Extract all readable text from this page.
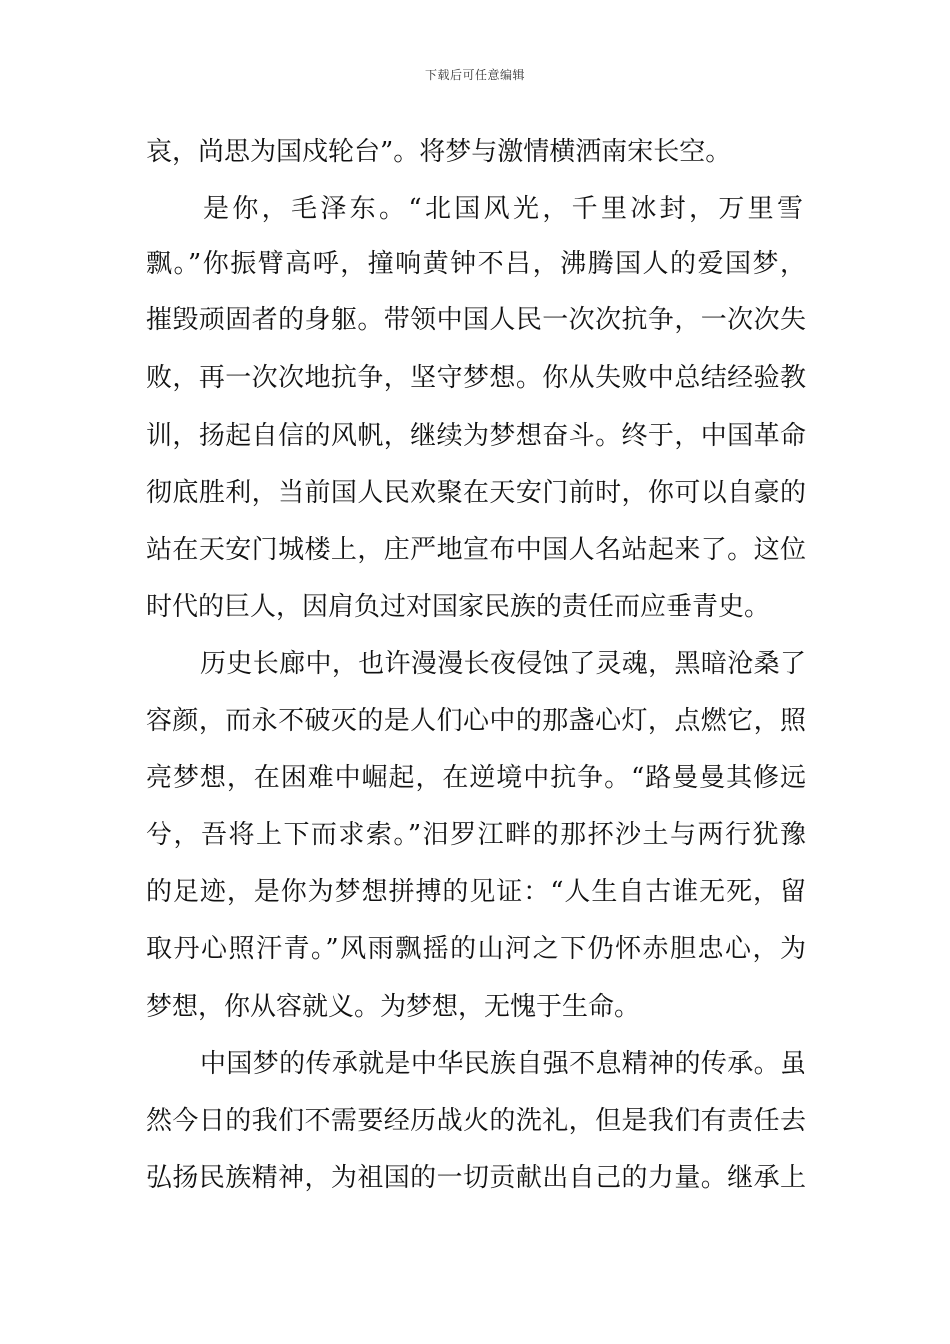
下载后可任意编辑
哀，尚思为国戍轮台”。将梦与激情横洒南宋长空。
是你，毛泽东。“北国风光，千里冰封，万里雪
飘。”你振臂高呼，撞响黄钟不吕，沸腾国人的爱国梦，
摧毁顽固者的身躯。带领中国人民一次次抗争，一次次失
败，再一次次地抗争，坚守梦想。你从失败中总结经验教
训，扬起自信的风帆，继续为梦想奋斗。终于，中国革命
彻底胜利，当前国人民欢聚在天安门前时，你可以自豪的
站在天安门城楼上，庄严地宣布中国人名站起来了。这位
时代的巨人，因肩负过对国家民族的责任而应垂青史。
历史长廊中，也许漫漫长夜侵蚀了灵魂，黑暗沧桑了
容颜，而永不破灭的是人们心中的那盏心灯，点燃它，照
亮梦想，在困难中崛起，在逆境中抗争。“路曼曼其修远
兮，吾将上下而求索。”汨罗江畔的那抔沙土与两行犹豫
的足迹，是你为梦想拼搏的见证：“人生自古谁无死，留
取丹心照汗青。”风雨飘摇的山河之下仍怀赤胆忠心，为
梦想，你从容就义。为梦想，无愧于生命。
中国梦的传承就是中华民族自强不息精神的传承。虽
然今日的我们不需要经历战火的洗礼，但是我们有责任去
弘扬民族精神，为祖国的一切贡献出自己的力量。继承上
